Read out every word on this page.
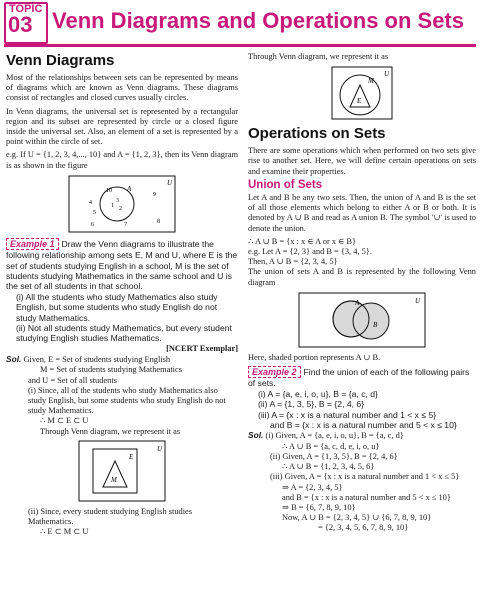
TOPIC
03 Venn Diagrams and Operations on Sets
Venn Diagrams

Most of the relationships between sets can be represented by means of diagrams which are known as Venn diagrams. These diagrams consist of rectangles and closed curves usually circles.

In Venn diagrams, the universal set is represented by a rectangular region and its subset are represented by circle or a closed figure inside the universal set. Also, an element of a set is represented by a point within the circle of set.

e.g. If U = {1, 2, 3, 4,..., 10} and A = {1, 2, 3}, then its Venn diagram is as shown in the figure

U
A
10
1 2
3
4
5
6	7	8
9
Example 1 Draw the Venn diagrams to illustrate the following relationship among sets E, M and U, where E is the set of students studying English in a school, M is the set of students studying Mathematics in the same school and U is the set of all students in that school.
(i) All the students who study Mathematics also study English, but some students who study English do not study Mathematics.
(ii) Not all students study Mathematics, but every student studying English studies Mathematics.
[NCERT Exemplar]
Sol. Given, E = Set of students studying English
M = Set of students studying Mathematics
and U = Set of all students
(i) Since, all of the students who study Mathematics also study English, but some students who study English do not study Mathematics.
∴ M ⊂ E ⊂ U
Through Venn diagram, we represent it as
U
E
M
(ii) Since, every student studying English studies Mathematics.
∴ E ⊂ M ⊂ U

Through Venn diagram, we represent it as

U
M
E
Operations on Sets

There are some operations which when performed on two sets give rise to another set. Here, we will define certain operations on sets and examine their properties.

Union of Sets

Let A and B be any two sets. Then, the union of A and B is the set of all those elements which belong to either A or B or both. It is denoted by A ∪ B and read as A union B. The symbol '∪' is used to denote the union.

∴ A ∪ B = {x : x ∈ A or x ∈ B}
e.g. Let A = {2, 3} and B = {3, 4, 5}.
Then, A ∪ B = {2, 3, 4, 5}

The union of sets A and B is represented by the following Venn diagram

U
A
B

Here, shaded portion represents A ∪ B.

Example 2 Find the union of each of the following pairs of sets.
(i) A = {a, e, i, o, u}, B = {a, c, d}
(ii) A = {1, 3, 5}, B = {2, 4, 6}
(iii) A = {x : x is a natural number and 1 < x ≤ 5}
and B = {x : x is a natural number and 5 < x ≤ 10}
Sol. (i) Given, A = {a, e, i, o, u}, B = {a, c, d}
∴ A ∪ B = {a, c, d, e, i, o, u}
(ii) Given, A = {1, 3, 5}, B = {2, 4, 6}
∴ A ∪ B = {1, 2, 3, 4, 5, 6}
(iii) Given, A = {x : x is a natural number and 1 < x ≤ 5}
⇒ A = {2, 3, 4, 5}
and B = {x : x is a natural number and 5 < x ≤ 10}
⇒ B = {6, 7, 8, 9, 10}
Now, A ∪ B = {2, 3, 4, 5} ∪ {6, 7, 8, 9, 10}
= {2, 3, 4, 5, 6, 7, 8, 9, 10}
